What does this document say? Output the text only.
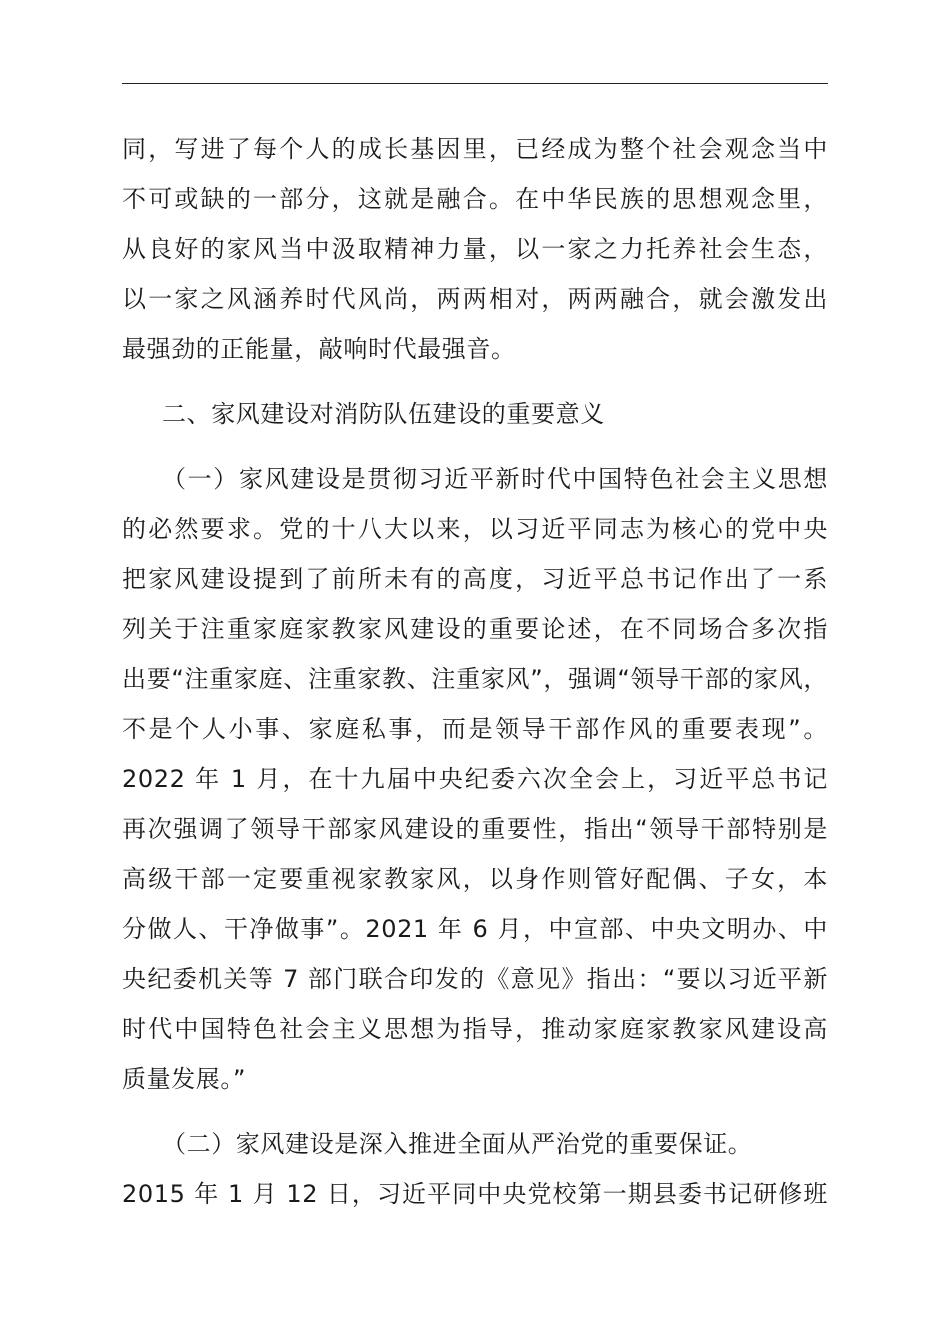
同，写进了每个人的成长基因里，已经成为整个社会观念当中
不可或缺的一部分，这就是融合。在中华民族的思想观念里，
从良好的家风当中汲取精神力量，以一家之力托养社会生态，
以一家之风涵养时代风尚，两两相对，两两融合，就会激发出
最强劲的正能量，敲响时代最强音。
二、家风建设对消防队伍建设的重要意义
（一）家风建设是贯彻习近平新时代中国特色社会主义思想
的必然要求。党的十八大以来，以习近平同志为核心的党中央
把家风建设提到了前所未有的高度，习近平总书记作出了一系
列关于注重家庭家教家风建设的重要论述，在不同场合多次指
出要“注重家庭、注重家教、注重家风”，强调“领导干部的家风，
不是个人小事、家庭私事，而是领导干部作风的重要表现”。
2022 年 1 月，在十九届中央纪委六次全会上，习近平总书记
再次强调了领导干部家风建设的重要性，指出“领导干部特别是
高级干部一定要重视家教家风，以身作则管好配偶、子女，本
分做人、干净做事”。2021 年 6 月，中宣部、中央文明办、中
央纪委机关等 7 部门联合印发的《意见》指出：“要以习近平新
时代中国特色社会主义思想为指导，推动家庭家教家风建设高
质量发展。”
（二）家风建设是深入推进全面从严治党的重要保证。
2015 年 1 月 12 日，习近平同中央党校第一期县委书记研修班
